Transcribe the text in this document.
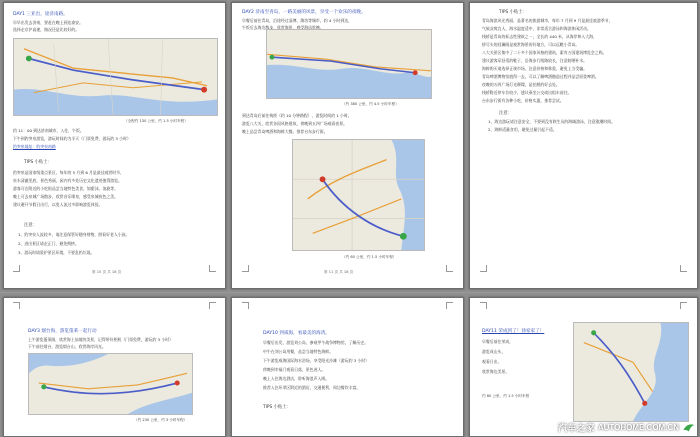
DAY1 三亚出，途济南路。
早早出发去济南，要赶在晚上到达泰安。
选择走京沪高速，路况还是比较好的。
（全程约 130 公里，约 1.5 小时车程）
约 11：00 到达济南城市，入住，午饭。
下午到趵突泉游览，游玩时间约为半天（门票免费，游玩约 3 小时）
趵突泉地址：趵突泉南路
TIPS 小贴士：
趵突泉是国家级重点景区，每年的 5 月到 6 月是最佳观赏时节，
泉水清澈见底，景色秀丽，园内有多处历史文化遗迹值得游览。
游客可在附近的小吃街品尝当地特色美食，如甜沫、油旋等。
晚上可去泉城广场散步，欣赏音乐喷泉，感受泉城夜色之美。
建议避开节假日出行，以免人流过多影响游览体验。
注意：
1、趵突泉人流较多，请注意保管好随身财物，照看好老人小孩。
2、进出景区请走正门，避免拥挤。
3、游玩时请爱护景区环境，不要乱扔垃圾。
第 10 页 共 18 页
DAY2 济南至青岛，一路美丽的风景，享受一个欢乐的夜晚。
早餐后前往青岛，沿途经过淄博、潍坊等城市，约 4 小时到达，
午饭后去海边散步，欣赏海景，感受海风吹拂。
（约 380 公里，约 4.5 小时车程）
到达青岛后前往栈桥（约 10 分钟路程），游览时间约 1 小时。
游览八大关，欣赏各国风格建筑，傍晚到五四广场观看夜景。
晚上品尝青岛啤酒和海鲜大餐。推荐台东步行街。
（约 60 公里，约 1.5 小时车程）
第 11 页 共 18 页
TIPS 小贴士：
青岛海滨风光秀丽，是著名的旅游城市，每年 7 月到 9 月是最佳旅游季节，
气候凉爽宜人，海水温度适中，非常适合游泳和海滨休闲活动。
栈桥是青岛的标志性建筑之一，全长约 440 米，从海岸伸入大海，
桥尽头的回澜阁是观赏海景的好地方，可以远眺小青岛。
八大关景区集中了二十多个国家风格的建筑，素有万国建筑博览会之称。
建议游客穿舒适的鞋子，沿海步行线路较长，注意防晒补水。
海鲜购买请选择正规市场，注意价格和称重，避免上当受骗。
青岛啤酒博物馆值得一去，可以了解啤酒酿造过程并品尝原浆啤酒。
夜晚的五四广场灯光璀璨，是拍照的好去处。
栈桥附近停车位较少，建议乘坐公交或出租车前往。
台东步行街有各种小吃，价格实惠，推荐尝试。
注意：
1、海边游玩请注意安全，不要到没有救生员的海域游泳，注意涨潮时间。
2、海鲜适量食用，避免过量引起不适。
DAY3 烟台海，游览蓬莱一起行动
上午游览蓬莱阁，欣赏海上仙境的美景，记得带好相机（门票免费，游玩约 3 小时）
下午前往烟台，游览烟台山，欣赏海岸风光。
（约 230 公里，约 3 小时车程）
DAY10 到威海，看最美的海湾。
早餐后出发，游览刘公岛，参观甲午战争博物馆，了解历史。
中午在刘公岛用餐，品尝当地特色海鲜。
下午游览威海国际海水浴场，享受阳光沙滩（游玩约 3 小时）
傍晚到幸福门观看日落，景色迷人。
晚上入住海边酒店，聆听海浪声入眠。
推荐入住环翠区附近的酒店，交通便利，周边餐饮丰富。
TIPS 小贴士：
DAY11 荣成到了！徐家家了！
早餐后前往荣成，
游览成山头，
观看日出，
欣赏海边美景。
约 80 公里，约 1.5 小时车程
汽车之家 AUTOHOME.COM.CN
